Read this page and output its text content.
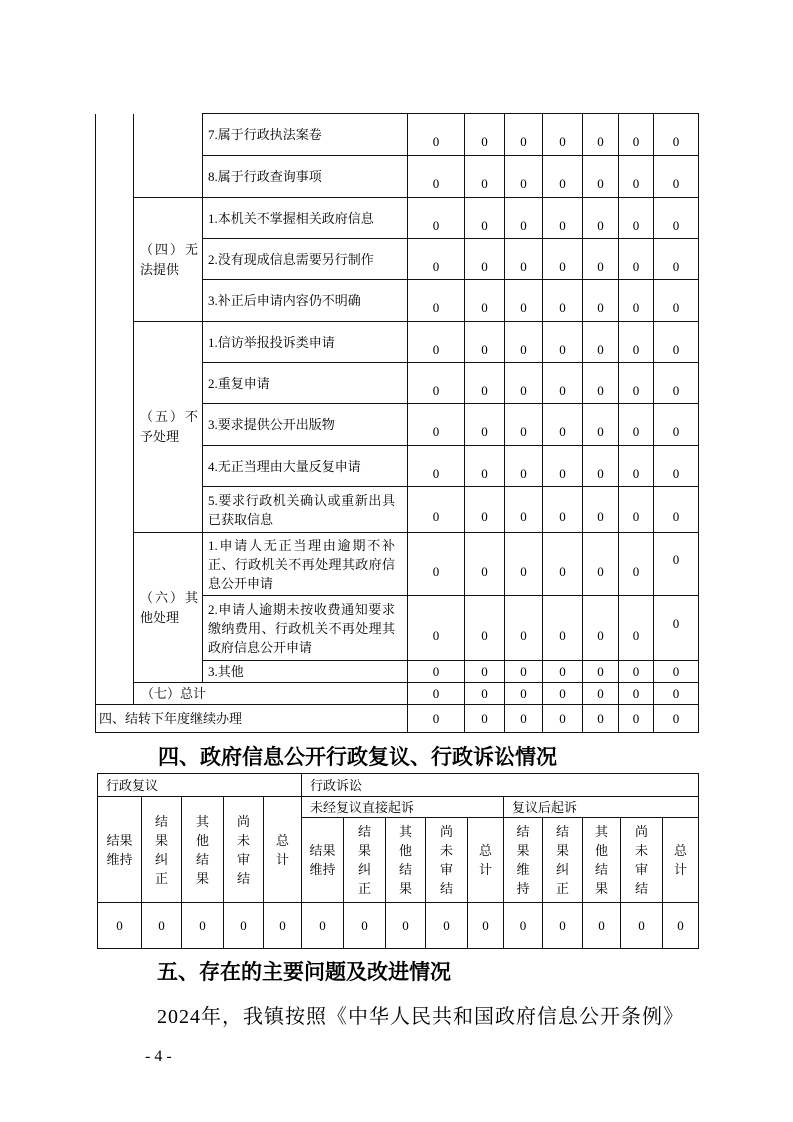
		7.属于行政执法案卷	0	0	0	0	0	0	0
		8.属于行政查询事项	0	0	0	0	0	0	0
	（四）无法提供	1.本机关不掌握相关政府信息	0	0	0	0	0	0	0
		2.没有现成信息需要另行制作	0	0	0	0	0	0	0
		3.补正后申请内容仍不明确	0	0	0	0	0	0	0
	（五）不予处理	1.信访举报投诉类申请	0	0	0	0	0	0	0
		2.重复申请	0	0	0	0	0	0	0
		3.要求提供公开出版物	0	0	0	0	0	0	0
		4.无正当理由大量反复申请	0	0	0	0	0	0	0
		5.要求行政机关确认或重新出具已获取信息	0	0	0	0	0	0	0
	（六）其他处理	1.申请人无正当理由逾期不补正、行政机关不再处理其政府信息公开申请	0	0	0	0	0	0	0
		2.申请人逾期未按收费通知要求缴纳费用、行政机关不再处理其政府信息公开申请	0	0	0	0	0	0	0
		3.其他	0	0	0	0	0	0	0
	（七）总计		0	0	0	0	0	0	0
四、结转下年度继续办理			0	0	0	0	0	0	0
四、政府信息公开行政复议、行政诉讼情况
行政复议					行政诉讼									
结果维持	结果纠正	其他结果	尚未审结	总计	未经复议直接起诉					复议后起诉				
					结果维持	结果纠正	其他结果	尚未审结	总计	结果维持	结果纠正	其他结果	尚未审结	总计
0	0	0	0	0	0	0	0	0	0	0	0	0	0	0
五、存在的主要问题及改进情况
2024年，我镇按照《中华人民共和国政府信息公开条例》
- 4 -
